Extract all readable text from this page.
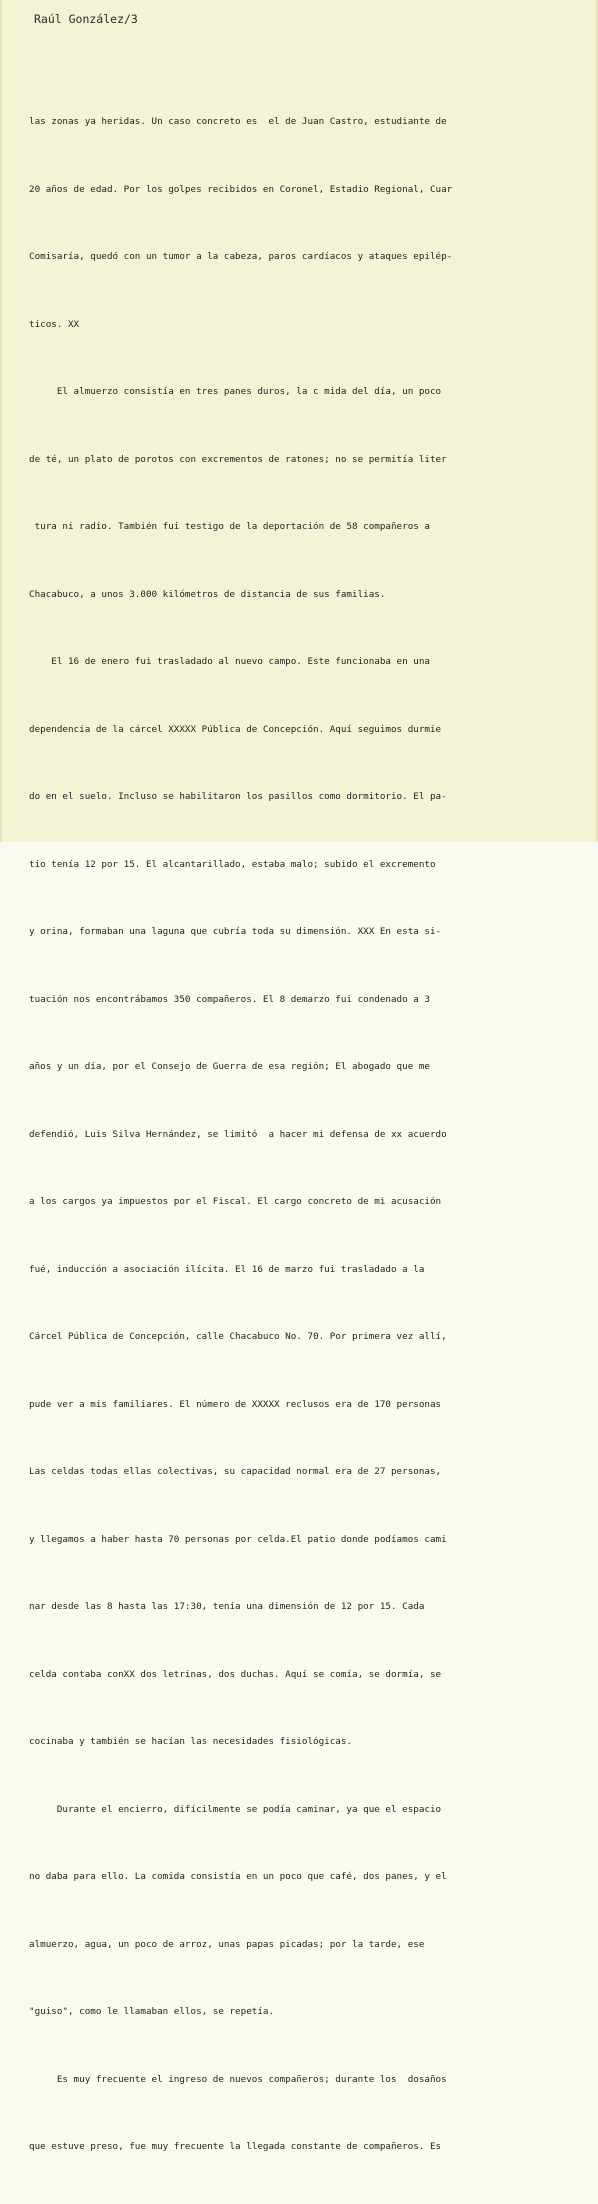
Raúl González/3

las zonas ya heridas. Un caso concreto es  el de Juan Castro, estudiante de

20 años de edad. Por los golpes recibidos en Coronel, Estadio Regional, Cuar

Comisaría, quedó con un tumor a la cabeza, paros cardíacos y ataques epilép-

ticos. XX

El almuerzo consistía en tres panes duros, la c mida del día, un poco

de té, un plato de porotos con excrementos de ratones; no se permitía liter

tura ni radio. También fui testigo de la deportación de 58 compañeros a

Chacabuco, a unos 3.000 kilómetros de distancia de sus familias.

El 16 de enero fui trasladado al nuevo campo. Este funcionaba en una

dependencia de la cárcel XXXXX Pública de Concepción. Aquí seguimos durmie

do en el suelo. Incluso se habilitaron los pasillos como dormitorio. El pa-

tio tenía 12 por 15. El alcantarillado, estaba malo; subido el excremento

y orina, formaban una laguna que cubría toda su dimensión. XXX En esta si-

tuación nos encontrábamos 350 compañeros. El 8 demarzo fui condenado a 3

años y un día, por el Consejo de Guerra de esa región; El abogado que me

defendió, Luis Silva Hernández, se limitó  a hacer mi defensa de xx acuerdo

a los cargos ya impuestos por el Fiscal. El cargo concreto de mi acusación

fué, inducción a asociación ilícita. El 16 de marzo fui trasladado a la

Cárcel Pública de Concepción, calle Chacabuco No. 70. Por primera vez allí,

pude ver a mis familiares. El número de XXXXX reclusos era de 170 personas

Las celdas todas ellas colectivas, su capacidad normal era de 27 personas,

y llegamos a haber hasta 70 personas por celda.El patio donde podíamos cami

nar desde las 8 hasta las 17:30, tenía una dimensión de 12 por 15. Cada

celda contaba conXX dos letrinas, dos duchas. Aquí se comía, se dormía, se

cocinaba y también se hacían las necesidades fisiológicas.

Durante el encierro, difícilmente se podía caminar, ya que el espacio

no daba para ello. La comida consistía en un poco que café, dos panes, y el

almuerzo, agua, un poco de arroz, unas papas picadas; por la tarde, ese

"guiso", como le llamaban ellos, se repetía.

Es muy frecuente el ingreso de nuevos compañeros; durante los  dosaños

que estuve preso, fue muy frecuente la llegada constante de compañeros. Es
